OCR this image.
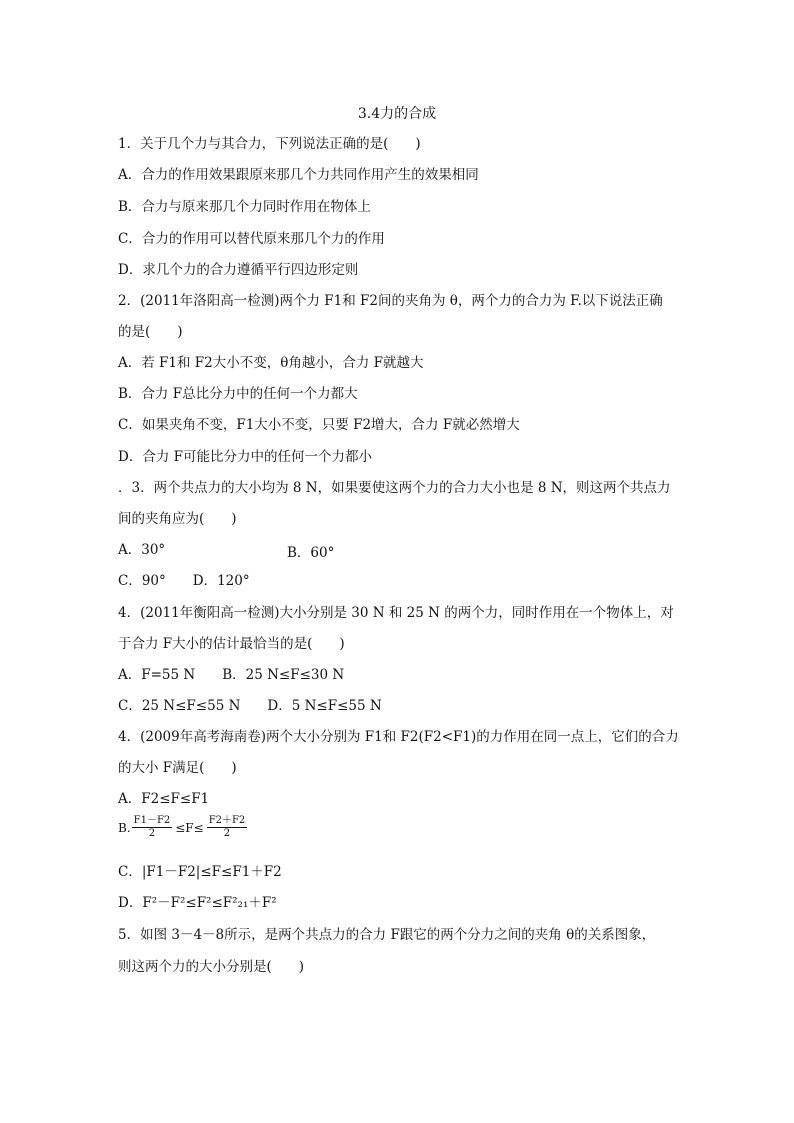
3.4力的合成
1．关于几个力与其合力，下列说法正确的是(　　)
A．合力的作用效果跟原来那几个力共同作用产生的效果相同
B．合力与原来那几个力同时作用在物体上
C．合力的作用可以替代原来那几个力的作用
D．求几个力的合力遵循平行四边形定则
2．(2011年洛阳高一检测)两个力 F1和 F2间的夹角为 θ，两个力的合力为 F.以下说法正确
的是(　　)
A．若 F1和 F2大小不变，θ角越小，合力 F就越大
B．合力 F总比分力中的任何一个力都大
C．如果夹角不变，F1大小不变，只要 F2增大，合力 F就必然增大
D．合力 F可能比分力中的任何一个力都小
．3．两个共点力的大小均为 8 N，如果要使这两个力的合力大小也是 8 N，则这两个共点力
间的夹角应为(　　)
A．30°	B．60°
C．90°　　D．120°
4．(2011年衡阳高一检测)大小分别是 30 N 和 25 N 的两个力，同时作用在一个物体上，对
于合力 F大小的估计最恰当的是(　　)
A．F=55 N　　B．25 N≤F≤30 N
C．25 N≤F≤55 N　　D．5 N≤F≤55 N
4．(2009年高考海南卷)两个大小分别为 F1和 F2(F2<F1)的力作用在同一点上，它们的合力
的大小 F满足(　　)
A．F2≤F≤F1
B. $\frac{F1-F2}{2} \le F\le \frac{F2+F2}{2}$
C．|F1－F2|≤F≤F1＋F2
D．F²－F²≤F²≤F²₂₁＋F²
5．如图 3－4－8所示，是两个共点力的合力 F跟它的两个分力之间的夹角 θ的关系图象，
则这两个力的大小分别是(　　)
